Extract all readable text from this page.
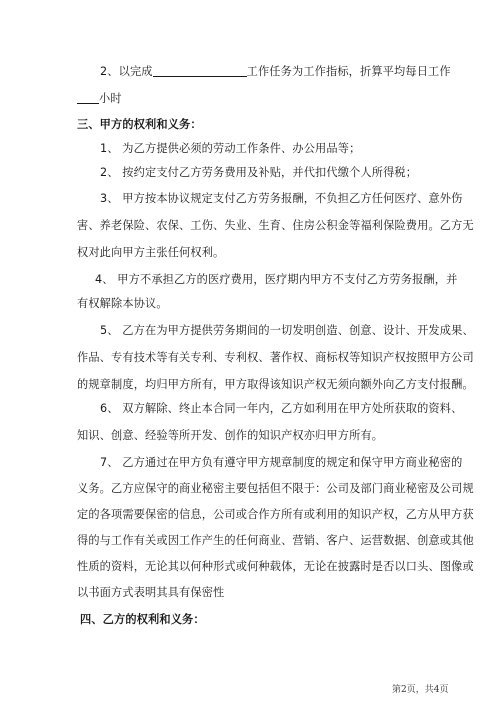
2、以完成	工作任务为工作指标，折算平均每日工作

小时

三、甲方的权利和义务：

1、 为乙方提供必须的劳动工作条件、办公用品等；

2、 按约定支付乙方劳务费用及补贴，并代扣代缴个人所得税；

3、 甲方按本协议规定支付乙方劳务报酬，不负担乙方任何医疗、意外伤

害、养老保险、农保、工伤、失业、生育、住房公积金等福利保险费用。乙方无

权对此向甲方主张任何权利。

4、 甲方不承担乙方的医疗费用，医疗期内甲方不支付乙方劳务报酬，并

有权解除本协议。

5、 乙方在为甲方提供劳务期间的一切发明创造、创意、设计、开发成果、

作品、专有技术等有关专利、专利权、著作权、商标权等知识产权按照甲方公司

的规章制度，均归甲方所有，甲方取得该知识产权无须向额外向乙方支付报酬。

6、 双方解除、终止本合同一年内，乙方如利用在甲方处所获取的资料、

知识、创意、经验等所开发、创作的知识产权亦归甲方所有。

7、 乙方通过在甲方负有遵守甲方规章制度的规定和保守甲方商业秘密的

义务。乙方应保守的商业秘密主要包括但不限于：公司及部门商业秘密及公司规

定的各项需要保密的信息，公司或合作方所有或利用的知识产权，乙方从甲方获

得的与工作有关或因工作产生的任何商业、营销、客户、运营数据、创意或其他

性质的资料，无论其以何种形式或何种载体，无论在披露时是否以口头、图像或

以书面方式表明其具有保密性

四、乙方的权利和义务：

第2页，共4页
